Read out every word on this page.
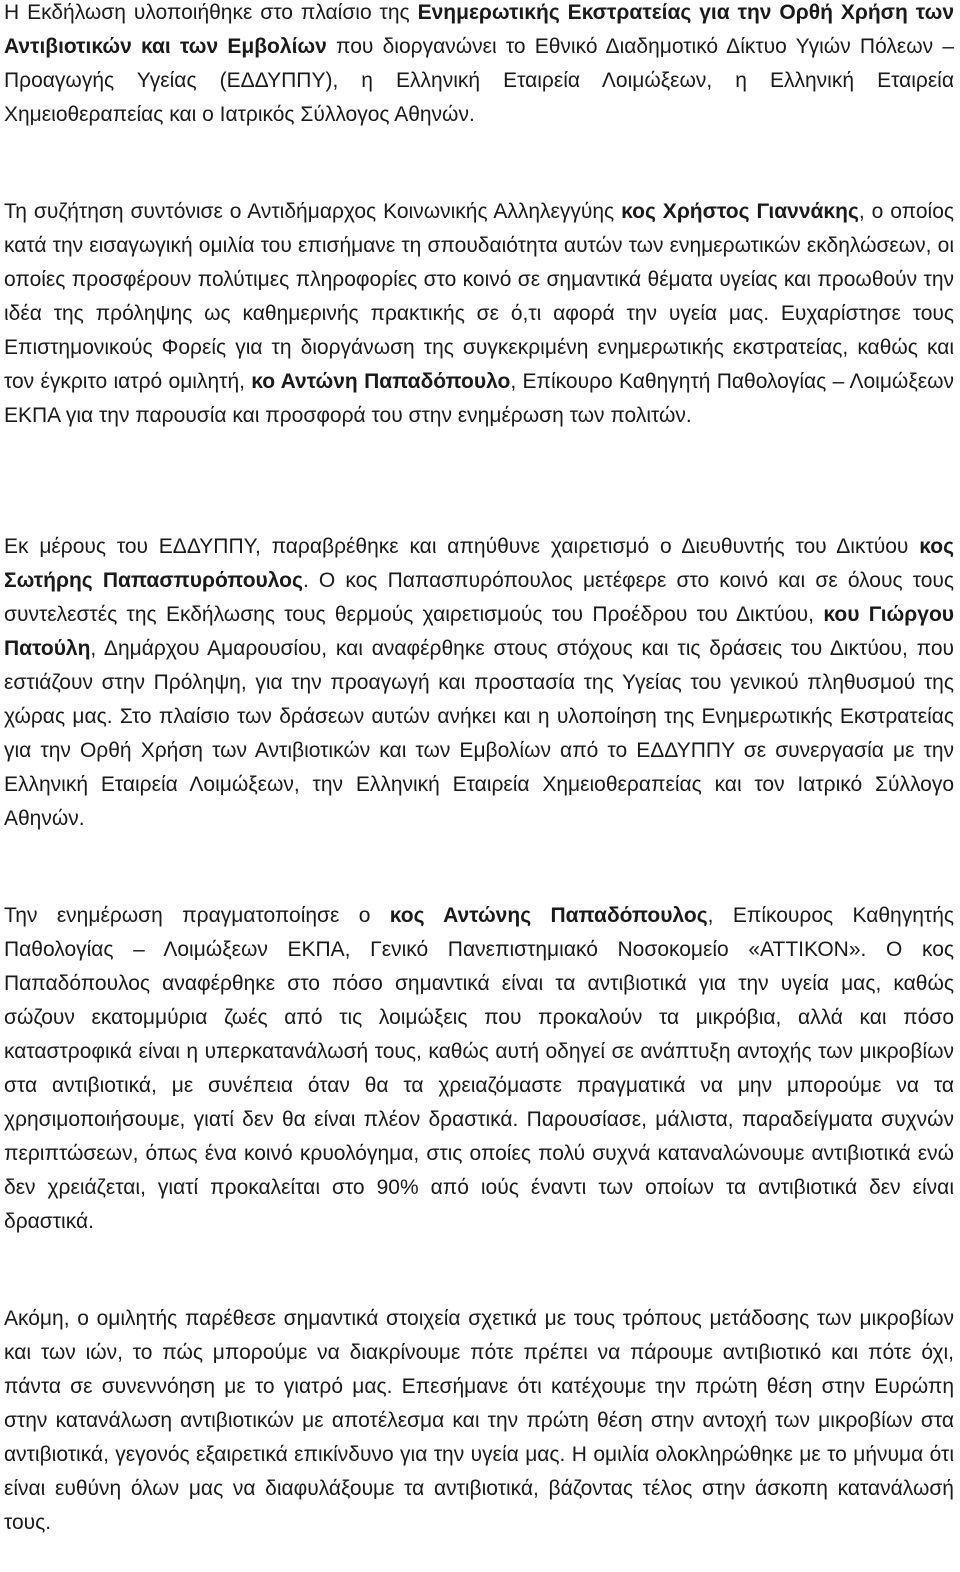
Η Εκδήλωση υλοποιήθηκε στο πλαίσιο της Ενημερωτικής Εκστρατείας για την Ορθή Χρήση των Αντιβιοτικών και των Εμβολίων που διοργανώνει το Εθνικό Διαδημοτικό Δίκτυο Υγιών Πόλεων – Προαγωγής Υγείας (ΕΔΔΥΠΠΥ), η Ελληνική Εταιρεία Λοιμώξεων, η Ελληνική Εταιρεία Χημειοθεραπείας και ο Ιατρικός Σύλλογος Αθηνών.

Τη συζήτηση συντόνισε ο Αντιδήμαρχος Κοινωνικής Αλληλεγγύης κος Χρήστος Γιαννάκης, ο οποίος κατά την εισαγωγική ομιλία του επισήμανε τη σπουδαιότητα αυτών των ενημερωτικών εκδηλώσεων, οι οποίες προσφέρουν πολύτιμες πληροφορίες στο κοινό σε σημαντικά θέματα υγείας και προωθούν την ιδέα της πρόληψης ως καθημερινής πρακτικής σε ό,τι αφορά την υγεία μας. Ευχαρίστησε τους Επιστημονικούς Φορείς για τη διοργάνωση της συγκεκριμένη ενημερωτικής εκστρατείας, καθώς και τον έγκριτο ιατρό ομιλητή, κο Αντώνη Παπαδόπουλο, Επίκουρο Καθηγητή Παθολογίας – Λοιμώξεων ΕΚΠΑ για την παρουσία και προσφορά του στην ενημέρωση των πολιτών.

Εκ μέρους του ΕΔΔΥΠΠΥ, παραβρέθηκε και απηύθυνε χαιρετισμό ο Διευθυντής του Δικτύου κος Σωτήρης Παπασπυρόπουλος. Ο κος Παπασπυρόπουλος μετέφερε στο κοινό και σε όλους τους συντελεστές της Εκδήλωσης τους θερμούς χαιρετισμούς του Προέδρου του Δικτύου, κου Γιώργου Πατούλη, Δημάρχου Αμαρουσίου, και αναφέρθηκε στους στόχους και τις δράσεις του Δικτύου, που εστιάζουν στην Πρόληψη, για την προαγωγή και προστασία της Υγείας του γενικού πληθυσμού της χώρας μας. Στο πλαίσιο των δράσεων αυτών ανήκει και η υλοποίηση της Ενημερωτικής Εκστρατείας για την Ορθή Χρήση των Αντιβιοτικών και των Εμβολίων από το ΕΔΔΥΠΠΥ σε συνεργασία με την Ελληνική Εταιρεία Λοιμώξεων, την Ελληνική Εταιρεία Χημειοθεραπείας και τον Ιατρικό Σύλλογο Αθηνών.

Την ενημέρωση πραγματοποίησε ο κος Αντώνης Παπαδόπουλος, Επίκουρος Καθηγητής Παθολογίας – Λοιμώξεων ΕΚΠΑ, Γενικό Πανεπιστημιακό Νοσοκομείο «ΑΤΤΙΚΟΝ». Ο κος Παπαδόπουλος αναφέρθηκε στο πόσο σημαντικά είναι τα αντιβιοτικά για την υγεία μας, καθώς σώζουν εκατομμύρια ζωές από τις λοιμώξεις που προκαλούν τα μικρόβια, αλλά και πόσο καταστροφικά είναι η υπερκατανάλωσή τους, καθώς αυτή οδηγεί σε ανάπτυξη αντοχής των μικροβίων στα αντιβιοτικά, με συνέπεια όταν θα τα χρειαζόμαστε πραγματικά να μην μπορούμε να τα χρησιμοποιήσουμε, γιατί δεν θα είναι πλέον δραστικά. Παρουσίασε, μάλιστα, παραδείγματα συχνών περιπτώσεων, όπως ένα κοινό κρυολόγημα, στις οποίες πολύ συχνά καταναλώνουμε αντιβιοτικά ενώ δεν χρειάζεται, γιατί προκαλείται στο 90% από ιούς έναντι των οποίων τα αντιβιοτικά δεν είναι δραστικά.

Ακόμη, ο ομιλητής παρέθεσε σημαντικά στοιχεία σχετικά με τους τρόπους μετάδοσης των μικροβίων και των ιών, το πώς μπορούμε να διακρίνουμε πότε πρέπει να πάρουμε αντιβιοτικό και πότε όχι, πάντα σε συνεννόηση με το γιατρό μας. Επεσήμανε ότι κατέχουμε την πρώτη θέση στην Ευρώπη στην κατανάλωση αντιβιοτικών με αποτέλεσμα και την πρώτη θέση στην αντοχή των μικροβίων στα αντιβιοτικά, γεγονός εξαιρετικά επικίνδυνο για την υγεία μας. Η ομιλία ολοκληρώθηκε με το μήνυμα ότι είναι ευθύνη όλων μας να διαφυλάξουμε τα αντιβιοτικά, βάζοντας τέλος στην άσκοπη κατανάλωσή τους.
